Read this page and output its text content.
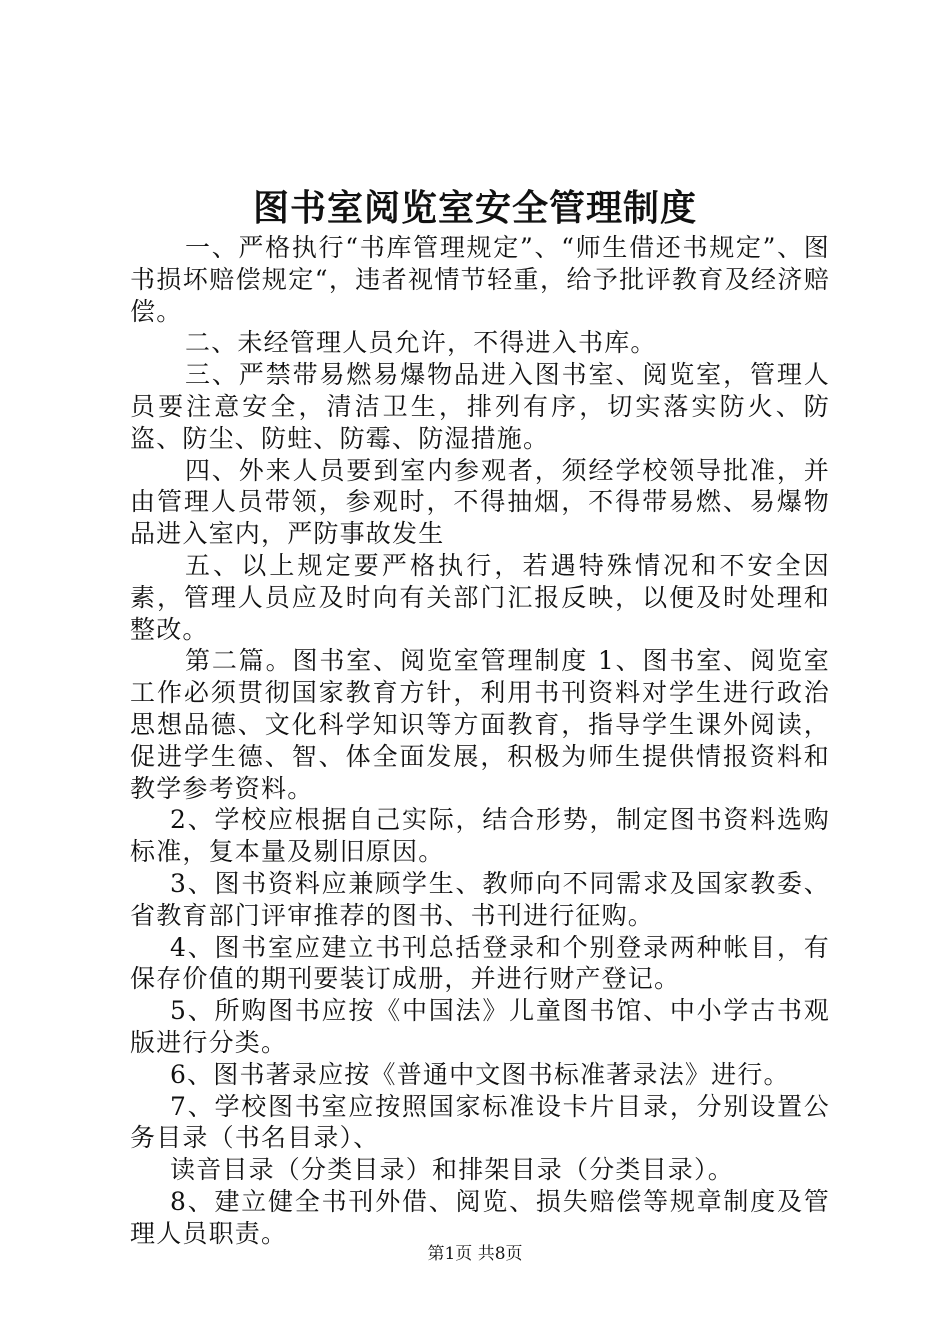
图书室阅览室安全管理制度

一、严格执行“书库管理规定”、“师生借还书规定”、图书损坏赔偿规定“，违者视情节轻重，给予批评教育及经济赔偿。

二、未经管理人员允许，不得进入书库。

三、严禁带易燃易爆物品进入图书室、阅览室，管理人员要注意安全，清洁卫生，排列有序，切实落实防火、防盗、防尘、防蛀、防霉、防湿措施。

四、外来人员要到室内参观者，须经学校领导批准，并由管理人员带领，参观时，不得抽烟，不得带易燃、易爆物品进入室内，严防事故发生

五、以上规定要严格执行，若遇特殊情况和不安全因素，管理人员应及时向有关部门汇报反映，以便及时处理和整改。

第二篇。图书室、阅览室管理制度 1、图书室、阅览室工作必须贯彻国家教育方针，利用书刊资料对学生进行政治思想品德、文化科学知识等方面教育，指导学生课外阅读，促进学生德、智、体全面发展，积极为师生提供情报资料和教学参考资料。

2、学校应根据自己实际，结合形势，制定图书资料选购标准，复本量及剔旧原因。

3、图书资料应兼顾学生、教师向不同需求及国家教委、省教育部门评审推荐的图书、书刊进行征购。

4、图书室应建立书刊总括登录和个别登录两种帐目，有保存价值的期刊要装订成册，并进行财产登记。

5、所购图书应按《中国法》儿童图书馆、中小学古书观版进行分类。

6、图书著录应按《普通中文图书标准著录法》进行。

7、学校图书室应按照国家标准设卡片目录，分别设置公务目录（书名目录）、

读音目录（分类目录）和排架目录（分类目录）。

8、建立健全书刊外借、阅览、损失赔偿等规章制度及管理人员职责。

第1页 共8页
